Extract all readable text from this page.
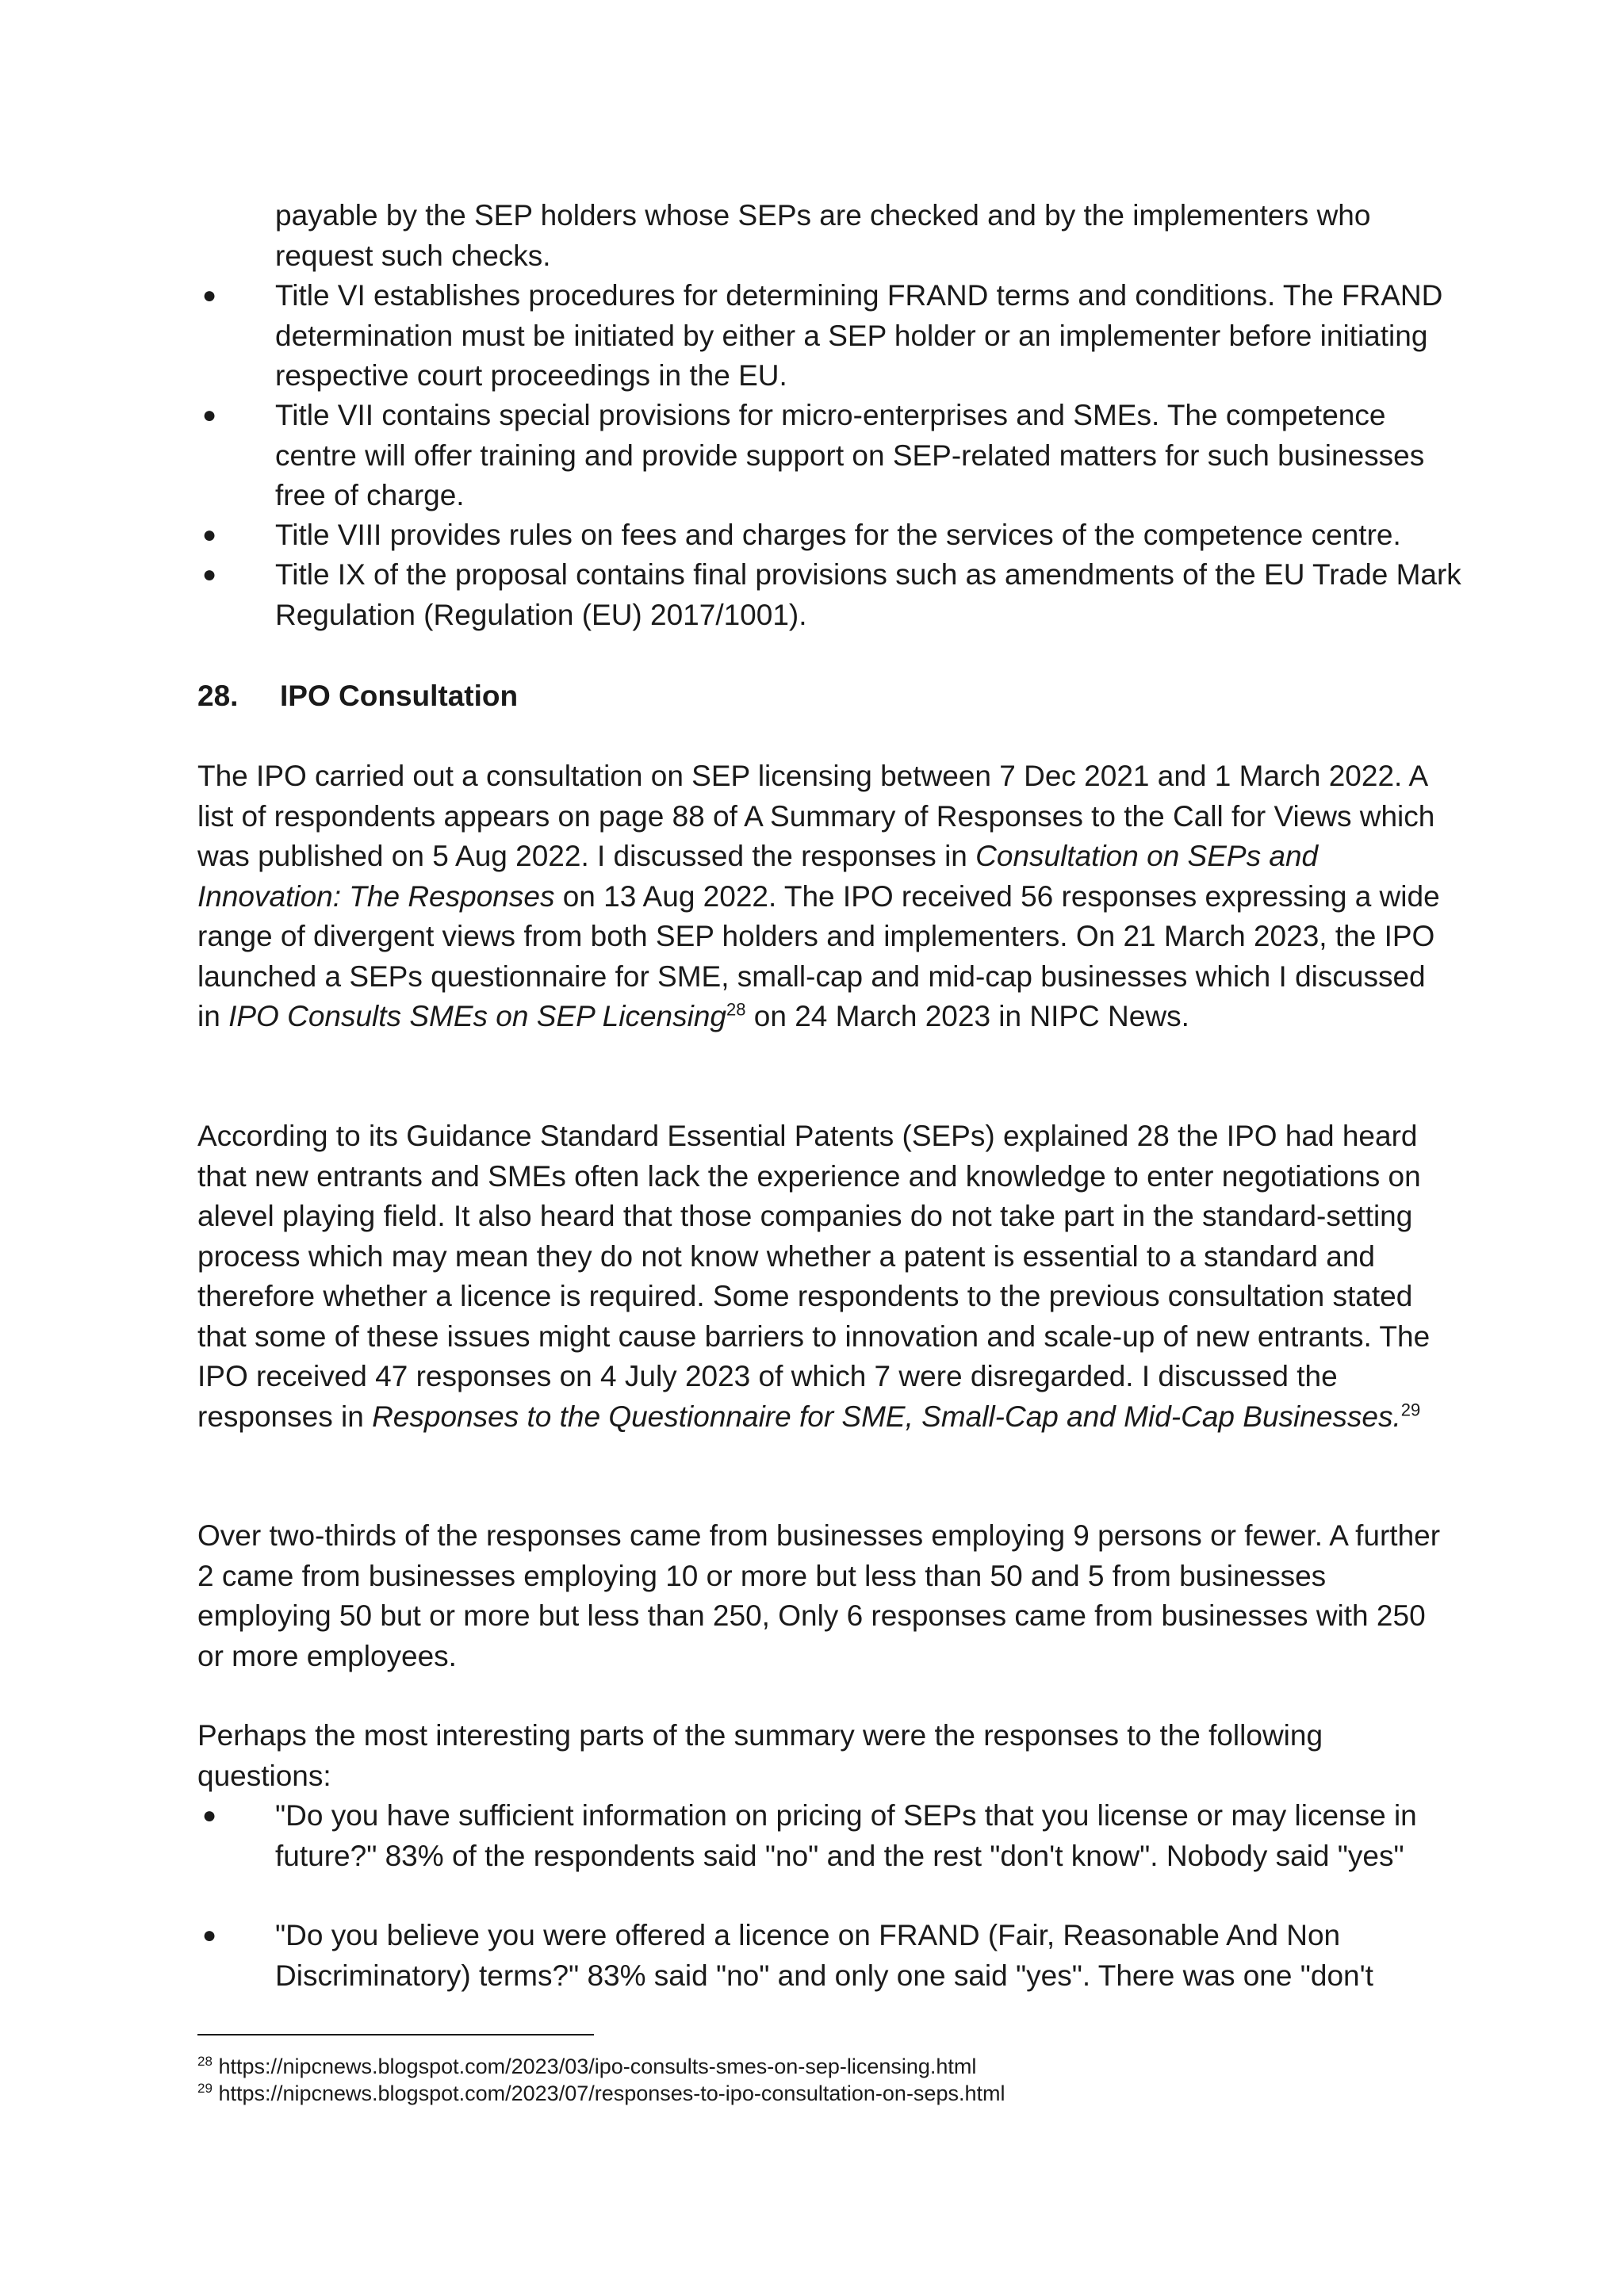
payable by the SEP holders whose SEPs are checked and by the implementers who request such checks.
● Title VI establishes procedures for determining FRAND terms and conditions. The FRAND determination must be initiated by either a SEP holder or an implementer before initiating respective court proceedings in the EU.
● Title VII contains special provisions for micro-enterprises and SMEs. The competence centre will offer training and provide support on SEP-related matters for such businesses free of charge.
● Title VIII provides rules on fees and charges for the services of the competence centre.
● Title IX of the proposal contains final provisions such as amendments of the EU Trade Mark Regulation (Regulation (EU) 2017/1001).
28. IPO Consultation

The IPO carried out a consultation on SEP licensing between 7 Dec 2021 and 1 March 2022. A list of respondents appears on page 88 of A Summary of Responses to the Call for Views which was published on 5 Aug 2022. I discussed the responses in Consultation on SEPs and Innovation: The Responses on 13 Aug 2022. The IPO received 56 responses expressing a wide range of divergent views from both SEP holders and implementers. On 21 March 2023, the IPO launched a SEPs questionnaire for SME, small-cap and mid-cap businesses which I discussed in IPO Consults SMEs on SEP Licensing$^{28}$ on 24 March 2023 in NIPC News.

According to its Guidance Standard Essential Patents (SEPs) explained 28 the IPO had heard that new entrants and SMEs often lack the experience and knowledge to enter negotiations on alevel playing field. It also heard that those companies do not take part in the standard-setting process which may mean they do not know whether a patent is essential to a standard and therefore whether a licence is required. Some respondents to the previous consultation stated that some of these issues might cause barriers to innovation and scale-up of new entrants. The IPO received 47 responses on 4 July 2023 of which 7 were disregarded. I discussed the responses in Responses to the Questionnaire for SME, Small-Cap and Mid-Cap Businesses.$^{29}$

Over two-thirds of the responses came from businesses employing 9 persons or fewer. A further 2 came from businesses employing 10 or more but less than 50 and 5 from businesses employing 50 but or more but less than 250, Only 6 responses came from businesses with 250 or more employees.

Perhaps the most interesting parts of the summary were the responses to the following questions:

● "Do you have sufficient information on pricing of SEPs that you license or may license in future?" 83% of the respondents said "no" and the rest "don't know". Nobody said "yes"
● "Do you believe you were offered a licence on FRAND (Fair, Reasonable And Non Discriminatory) terms?" 83% said "no" and only one said "yes". There was one "don't
$^{28}$ https://nipcnews.blogspot.com/2023/03/ipo-consults-smes-on-sep-licensing.html
$^{29}$ https://nipcnews.blogspot.com/2023/07/responses-to-ipo-consultation-on-seps.html
